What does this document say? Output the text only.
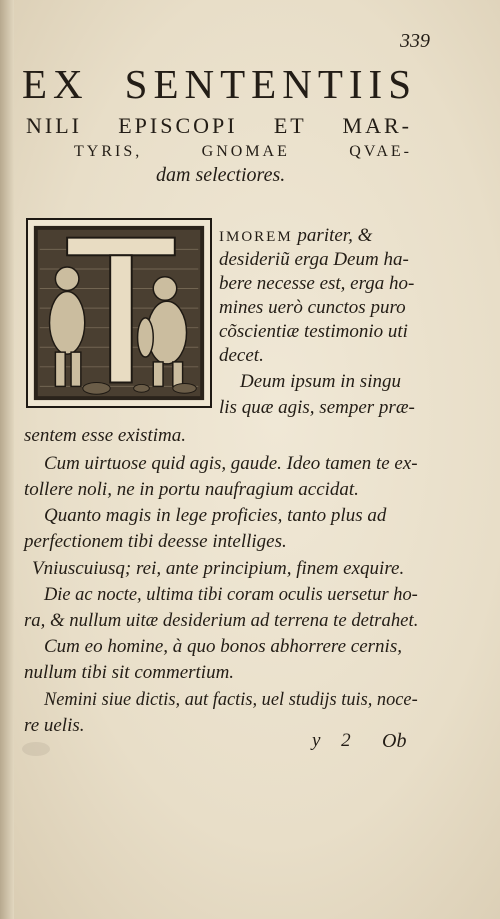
339
EX SENTENTIIS
NILI EPISCOPI ET MAR-
TYRIS, GNOMAE QVAE-
dam selectiores.
IMOREM pariter, &
desideriũ erga Deum ha-
bere necesse est, erga ho-
mines uerò cunctos puro
cõscientiæ testimonio uti
decet.
Deum ipsum in singu
lis quæ agis, semper præ-
sentem esse existima.
Cum uirtuose quid agis, gaude. Ideo tamen te ex-
tollere noli, ne in portu naufragium accidat.
Quanto magis in lege proficies, tanto plus ad
perfectionem tibi deesse intelliges.
Vniuscuiusq; rei, ante principium, finem exquire.
Die ac nocte, ultima tibi coram oculis uersetur ho-
ra, & nullum uitæ desiderium ad terrena te detrahet.
Cum eo homine, à quo bonos abhorrere cernis,
nullum tibi sit commertium.
Nemini siue dictis, aut factis, uel studijs tuis, noce-
re uelis.
y 2 Ob
